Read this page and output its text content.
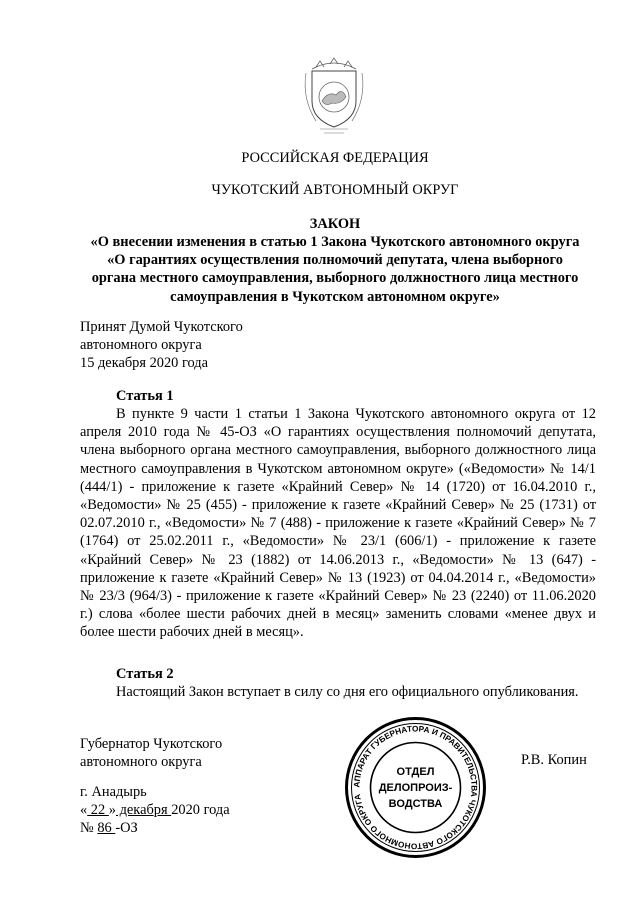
РОССИЙСКАЯ ФЕДЕРАЦИЯ
ЧУКОТСКИЙ АВТОНОМНЫЙ ОКРУГ
ЗАКОН
«О внесении изменения в статью 1 Закона Чукотского автономного округа
«О гарантиях осуществления полномочий депутата, члена выборного
органа местного самоуправления, выборного должностного лица местного
самоуправления в Чукотском автономном округе»
Принят Думой Чукотского
автономного округа
15 декабря 2020 года
Статья 1

В пункте 9 части 1 статьи 1 Закона Чукотского автономного округа от 12 апреля 2010 года № 45-ОЗ «О гарантиях осуществления полномочий депутата, члена выборного органа местного самоуправления, выборного должностного лица местного самоуправления в Чукотском автономном округе» («Ведомости» № 14/1 (444/1) - приложение к газете «Крайний Север» № 14 (1720) от 16.04.2010 г., «Ведомости» № 25 (455) - приложение к газете «Крайний Север» № 25 (1731) от 02.07.2010 г., «Ведомости» № 7 (488) - приложение к газете «Крайний Север» № 7 (1764) от 25.02.2011 г., «Ведомости» № 23/1 (606/1) - приложение к газете «Крайний Север» № 23 (1882) от 14.06.2013 г., «Ведомости» № 13 (647) - приложение к газете «Крайний Север» № 13 (1923) от 04.04.2014 г., «Ведомости» № 23/3 (964/3) - приложение к газете «Крайний Север» № 23 (2240) от 11.06.2020 г.) слова «более шести рабочих дней в месяц» заменить словами «менее двух и более шести рабочих дней в месяц».

Статья 2

Настоящий Закон вступает в силу со дня его официального опубликования.

Губернатор Чукотского
автономного округа
АППАРАТ ГУБЕРНАТОРА И ПРАВИТЕЛЬСТВА ЧУКОТСКОГО АВТОНОМНОГО ОКРУГА
ОТДЕЛ
ДЕЛОПРОИЗ-
ВОДСТВА
Р.В. Копин
г. Анадырь
« 22 » декабря 2020 года
№ 86 -ОЗ
